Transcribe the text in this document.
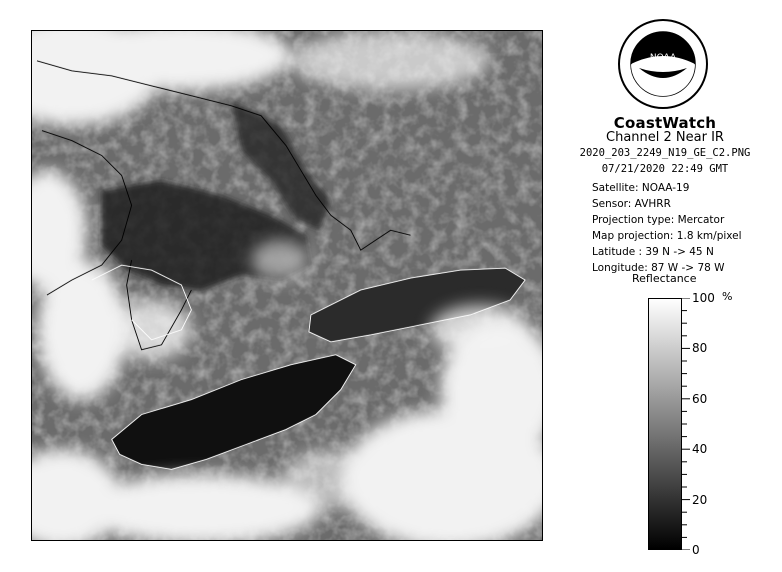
NOAA
CoastWatch
Channel 2 Near IR
2020_203_2249_N19_GE_C2.PNG
07/21/2020 22:49 GMT
Satellite: NOAA-19
Sensor: AVHRR
Projection type: Mercator
Map projection: 1.8 km/pixel
Latitude : 39 N -> 45 N
Longitude: 87 W -> 78 W
Reflectance
%
100
80
60
40
20
0
